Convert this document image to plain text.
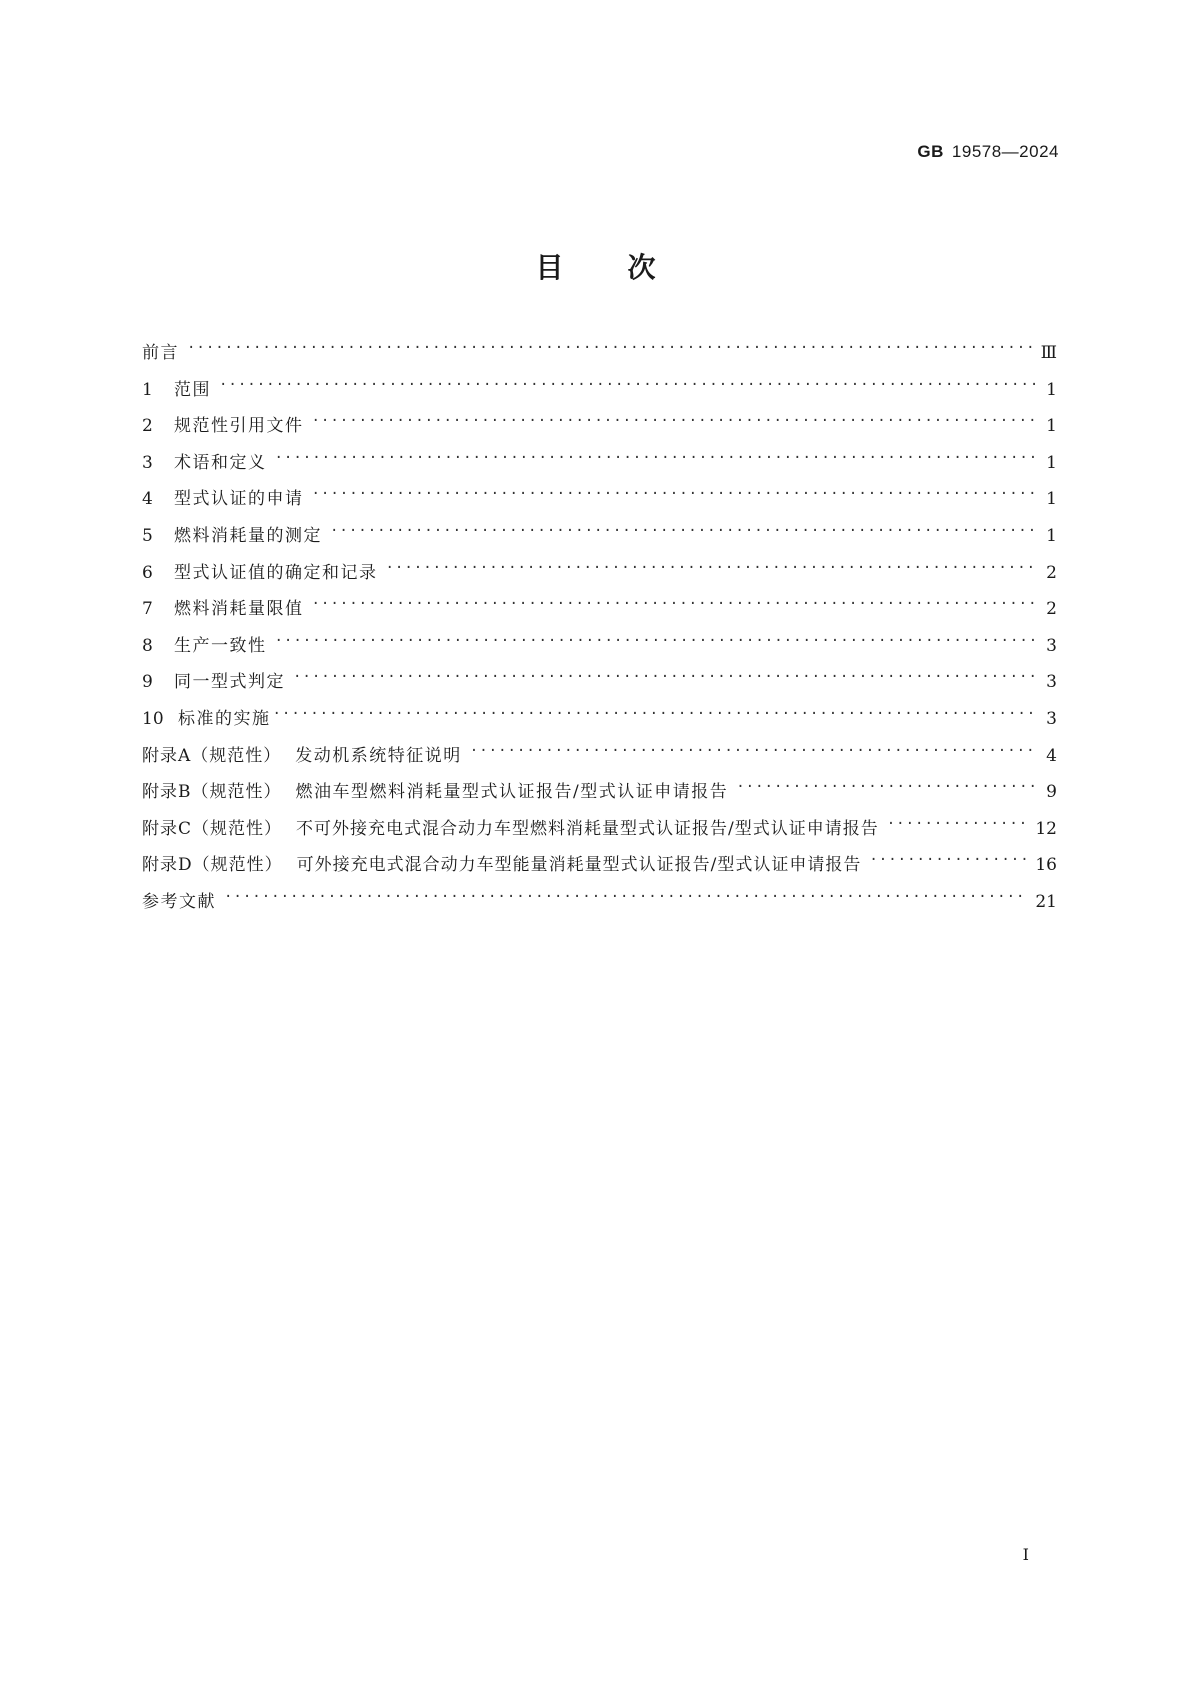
GB 19578—2024
目 次
前言 ·····	Ⅲ
1	范围 ·····	1
2	规范性引用文件 ·····	1
3	术语和定义 ·····	1
4	型式认证的申请 ·····	1
5	燃料消耗量的测定 ·····	1
6	型式认证值的确定和记录 ·····	2
7	燃料消耗量限值 ·····	2
8	生产一致性 ·····	3
9	同一型式判定 ·····	3
10 标准的实施 ·····	3
附录A（规范性） 发动机系统特征说明 ·····	4
附录B（规范性） 燃油车型燃料消耗量型式认证报告/型式认证申请报告 ·····	9
附录C（规范性） 不可外接充电式混合动力车型燃料消耗量型式认证报告/型式认证申请报告 ·····	12
附录D（规范性） 可外接充电式混合动力车型能量消耗量型式认证报告/型式认证申请报告 ·····	16
参考文献 ·····	21
I
